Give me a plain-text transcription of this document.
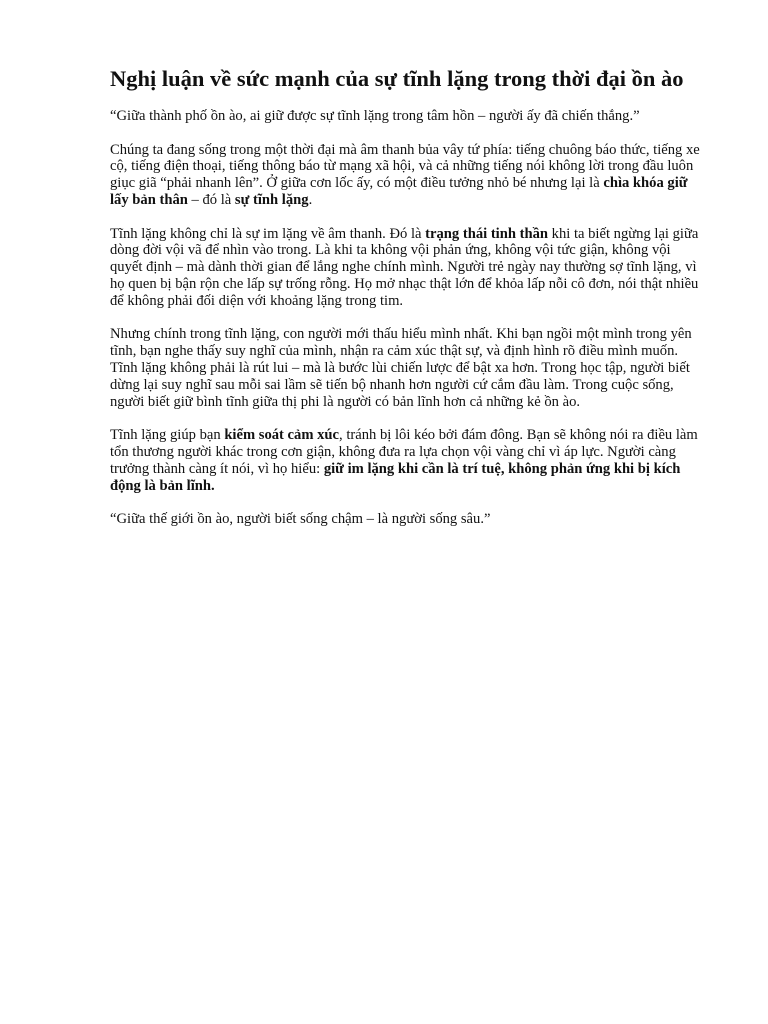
Nghị luận về sức mạnh của sự tĩnh lặng trong thời đại ồn ào

“Giữa thành phố ồn ào, ai giữ được sự tĩnh lặng trong tâm hồn – người ấy đã chiến thắng.”

Chúng ta đang sống trong một thời đại mà âm thanh bủa vây tứ phía: tiếng chuông báo thức, tiếng xe cộ, tiếng điện thoại, tiếng thông báo từ mạng xã hội, và cả những tiếng nói không lời trong đầu luôn giục giã “phải nhanh lên”. Ở giữa cơn lốc ấy, có một điều tưởng nhỏ bé nhưng lại là chìa khóa giữ lấy bản thân – đó là sự tĩnh lặng.

Tĩnh lặng không chỉ là sự im lặng về âm thanh. Đó là trạng thái tinh thần khi ta biết ngừng lại giữa dòng đời vội vã để nhìn vào trong. Là khi ta không vội phản ứng, không vội tức giận, không vội quyết định – mà dành thời gian để lắng nghe chính mình. Người trẻ ngày nay thường sợ tĩnh lặng, vì họ quen bị bận rộn che lấp sự trống rỗng. Họ mở nhạc thật lớn để khỏa lấp nỗi cô đơn, nói thật nhiều để không phải đối diện với khoảng lặng trong tim.

Nhưng chính trong tĩnh lặng, con người mới thấu hiểu mình nhất. Khi bạn ngồi một mình trong yên tĩnh, bạn nghe thấy suy nghĩ của mình, nhận ra cảm xúc thật sự, và định hình rõ điều mình muốn. Tĩnh lặng không phải là rút lui – mà là bước lùi chiến lược để bật xa hơn. Trong học tập, người biết dừng lại suy nghĩ sau mỗi sai lầm sẽ tiến bộ nhanh hơn người cứ cắm đầu làm. Trong cuộc sống, người biết giữ bình tĩnh giữa thị phi là người có bản lĩnh hơn cả những kẻ ồn ào.

Tĩnh lặng giúp bạn kiểm soát cảm xúc, tránh bị lôi kéo bởi đám đông. Bạn sẽ không nói ra điều làm tổn thương người khác trong cơn giận, không đưa ra lựa chọn vội vàng chỉ vì áp lực. Người càng trưởng thành càng ít nói, vì họ hiểu: giữ im lặng khi cần là trí tuệ, không phản ứng khi bị kích động là bản lĩnh.

“Giữa thế giới ồn ào, người biết sống chậm – là người sống sâu.”
